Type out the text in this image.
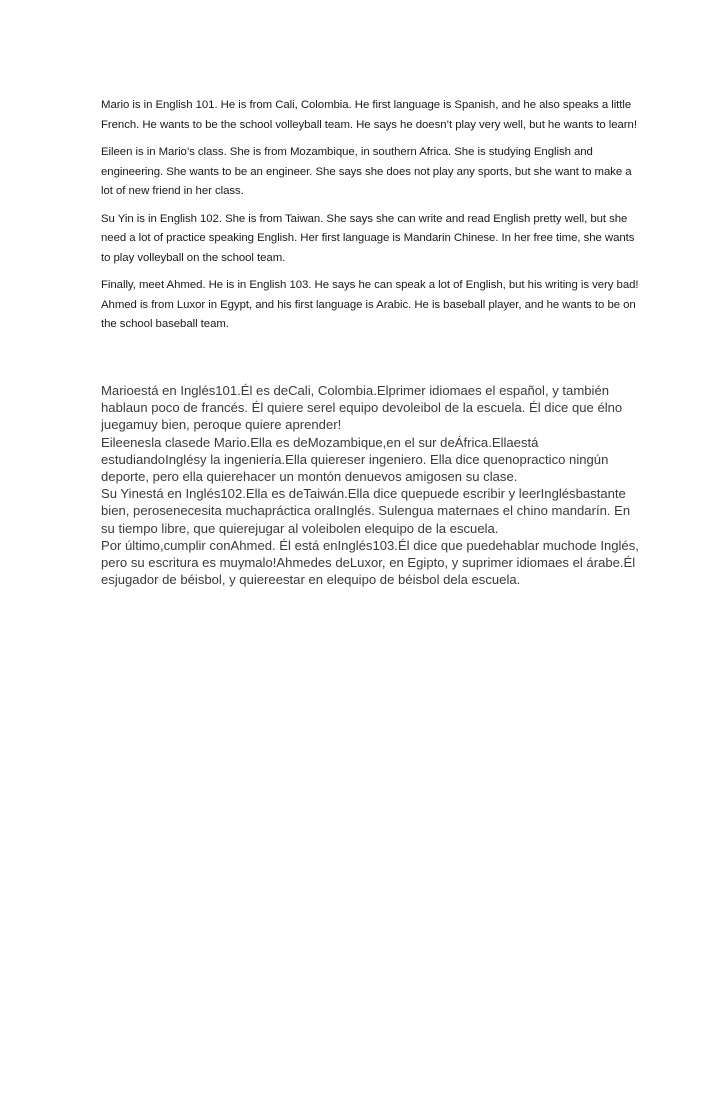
Mario is in English 101. He is from Cali, Colombia. He first language is Spanish, and he also speaks a little French. He wants to be the school volleyball team. He says he doesn’t play very well, but he wants to learn!

Eileen is in Mario’s class. She is from Mozambique, in southern Africa. She is studying English and engineering. She wants to be an engineer. She says she does not play any sports, but she want to make a lot of new friend in her class.

Su Yin is in English 102. She is from Taiwan. She says she can write and read English pretty well, but she need a lot of practice speaking English. Her first language is Mandarin Chinese. In her free time, she wants to play volleyball on the school team.

Finally, meet Ahmed. He is in English 103. He says he can speak a lot of English, but his writing is very bad! Ahmed is from Luxor in Egypt, and his first language is Arabic. He is baseball player, and he wants to be on the school baseball team.

Marioestá en Inglés101.Él es deCali, Colombia.Elprimer idiomaes el español, y también hablaun poco de francés. Él quiere serel equipo devoleibol de la escuela. Él dice que élno juegamuy bien, peroque quiere aprender!

Eileenesla clasede Mario.Ella es deMozambique,en el sur deÁfrica.Ellaestá estudiandoInglésy la ingeniería.Ella quiereser ingeniero. Ella dice quenopractico ningún deporte, pero ella quierehacer un montón denuevos amigosen su clase.

Su Yinestá en Inglés102.Ella es deTaiwán.Ella dice quepuede escribir y leerInglésbastante bien, perosenecesita muchapráctica oralInglés. Sulengua maternaes el chino mandarín. En su tiempo libre, que quierejugar al voleibolen elequipo de la escuela.

Por último,cumplir conAhmed. Él está enInglés103.Él dice que puedehablar muchode Inglés, pero su escritura es muymalo!Ahmedes deLuxor, en Egipto, y suprimer idiomaes el árabe.Él esjugador de béisbol, y quiereestar en elequipo de béisbol dela escuela.
